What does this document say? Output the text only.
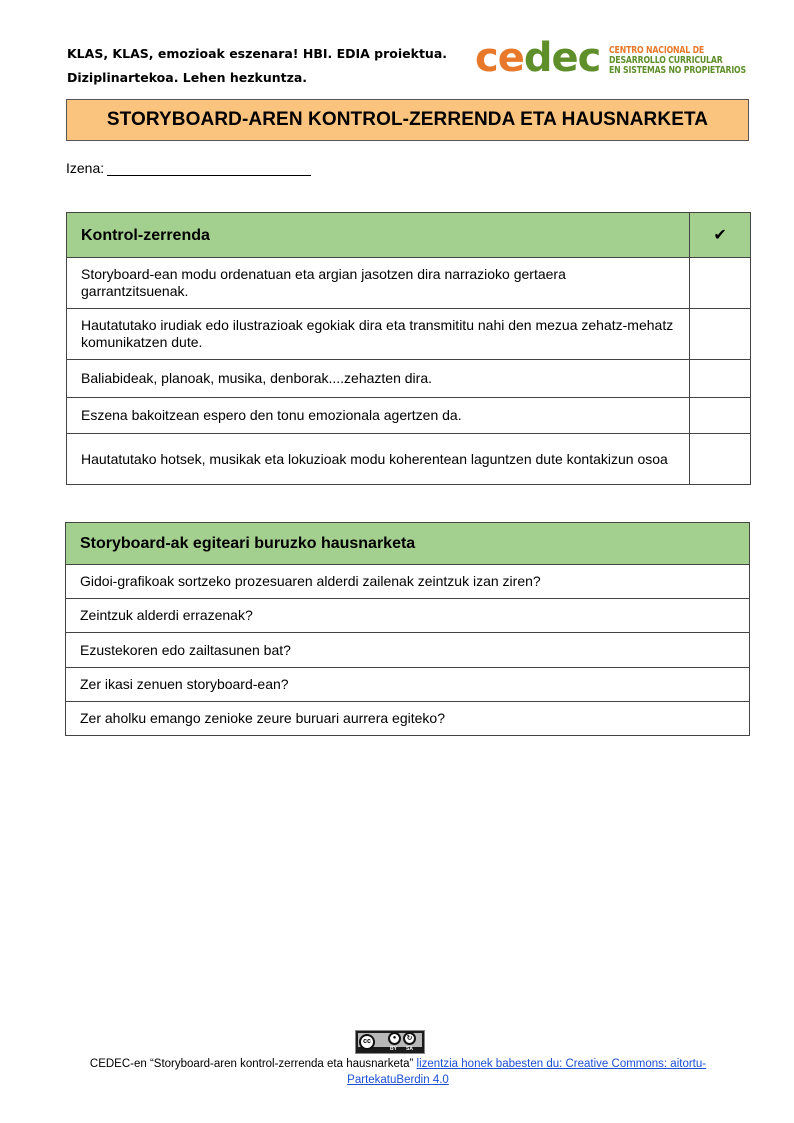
KLAS, KLAS, emozioak eszenara! HBI. EDIA proiektua.
Diziplinartekoa. Lehen hezkuntza.	cedec CENTRO NACIONAL DE
DESARROLLO CURRICULAR
EN SISTEMAS NO PROPIETARIOS
STORYBOARD-AREN KONTROL-ZERRENDA ETA HAUSNARKETA
Izena:
Kontrol-zerrenda	✔
Storyboard-ean modu ordenatuan eta argian jasotzen dira narrazioko gertaera garrantzitsuenak.	
Hautatutako irudiak edo ilustrazioak egokiak dira eta transmititu nahi den mezua zehatz-mehatz komunikatzen dute.	
Baliabideak, planoak, musika, denborak....zehazten dira.	
Eszena bakoitzean espero den tonu emozionala agertzen da.	
Hautatutako hotsek, musikak eta lokuzioak modu koherentean laguntzen dute kontakizun osoa	
Storyboard-ak egiteari buruzko hausnarketa
Gidoi-grafikoak sortzeko prozesuaren alderdi zailenak zeintzuk izan ziren?
Zeintzuk alderdi errazenak?
Ezustekoren edo zailtasunen bat?
Zer ikasi zenuen storyboard-ean?
Zer aholku emango zenioke zeure buruari aurrera egiteko?
cc	●	↻
BY SA
CEDEC-en “Storyboard-aren kontrol-zerrenda eta hausnarketa” lizentzia honek babesten du: Creative Commons: aitortu-PartekatuBerdin 4.0
